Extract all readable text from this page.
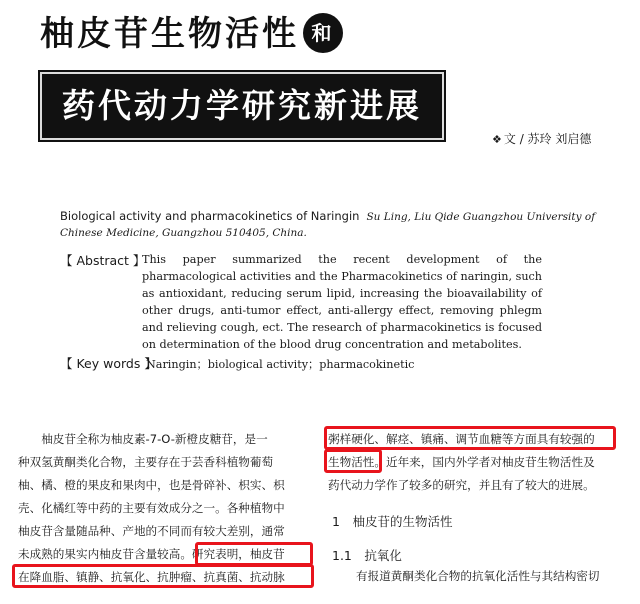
柚皮苷生物活性 和
药代动力学研究新进展
❖ 文 / 苏玲 刘启德
Biological activity and pharmacokinetics of Naringin Su Ling, Liu Qide Guangzhou University of Chinese Medicine, Guangzhou 510405, China.
【 Abstract 】
This paper summarized the recent development of the pharmacological activities and the Pharmacokinetics of naringin, such as antioxidant, reducing serum lipid, increasing the bioavailability of other drugs, anti-tumor effect, anti-allergy effect, removing phlegm and relieving cough, ect. The research of pharmacokinetics is focused on determination of the blood drug concentration and metabolites.
【 Key words 】
Naringin；biological activity；pharmacokinetic
　　柚皮苷全称为柚皮素-7-O-新橙皮糖苷，是一
种双氢黄酮类化合物，主要存在于芸香科植物葡萄
柚、橘、橙的果皮和果肉中，也是骨碎补、枳实、枳
壳、化橘红等中药的主要有效成分之一。各种植物中
柚皮苷含量随品种、产地的不同而有较大差别，通常
未成熟的果实内柚皮苷含量较高。研究表明，柚皮苷
在降血脂、镇静、抗氧化、抗肿瘤、抗真菌、抗动脉
粥样硬化、解痉、镇痛、调节血糖等方面具有较强的
生物活性。近年来，国内外学者对柚皮苷生物活性及
药代动力学作了较多的研究，并且有了较大的进展。
1　柚皮苷的生物活性
1.1　抗氧化
有报道黄酮类化合物的抗氧化活性与其结构密切
